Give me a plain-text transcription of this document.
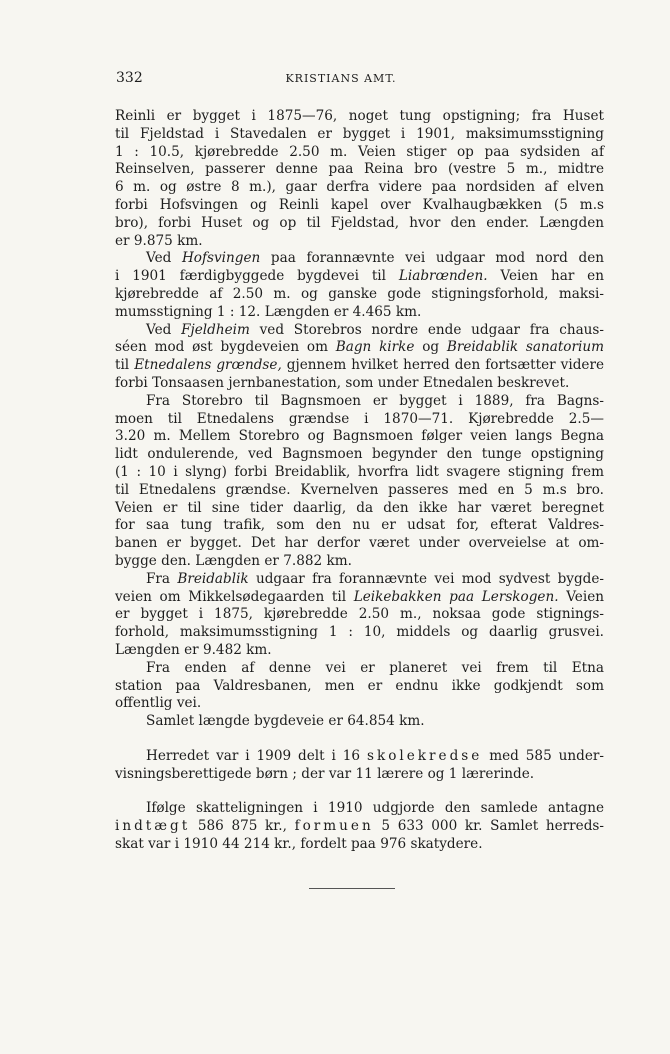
332	KRISTIANS AMT.
Reinli er bygget i 1875—76, noget tung opstigning; fra Huset
til Fjeldstad i Stavedalen er bygget i 1901, maksimumsstigning
1 : 10.5, kjørebredde 2.50 m. Veien stiger op paa sydsiden af
Reinselven, passerer denne paa Reina bro (vestre 5 m., midtre
6 m. og østre 8 m.), gaar derfra videre paa nordsiden af elven
forbi Hofsvingen og Reinli kapel over Kvalhaugbækken (5 m.s
bro), forbi Huset og op til Fjeldstad, hvor den ender. Længden
er 9.875 km.
Ved Hofsvingen paa forannævnte vei udgaar mod nord den
i 1901 færdigbyggede bygdevei til Liabrœnden. Veien har en
kjørebredde af 2.50 m. og ganske gode stigningsforhold, maksi-
mumsstigning 1 : 12. Længden er 4.465 km.
Ved Fjeldheim ved Storebros nordre ende udgaar fra chaus-
séen mod øst bygdeveien om Bagn kirke og Breidablik sanatorium
til Etnedalens grœndse, gjennem hvilket herred den fortsætter videre
forbi Tonsaasen jernbanestation, som under Etnedalen beskrevet.
Fra Storebro til Bagnsmoen er bygget i 1889, fra Bagns-
moen til Etnedalens grændse i 1870—71. Kjørebredde 2.5—
3.20 m. Mellem Storebro og Bagnsmoen følger veien langs Begna
lidt ondulerende, ved Bagnsmoen begynder den tunge opstigning
(1 : 10 i slyng) forbi Breidablik, hvorfra lidt svagere stigning frem
til Etnedalens grændse. Kvernelven passeres med en 5 m.s bro.
Veien er til sine tider daarlig, da den ikke har været beregnet
for saa tung trafik, som den nu er udsat for, efterat Valdres-
banen er bygget. Det har derfor været under overveielse at om-
bygge den. Længden er 7.882 km.
Fra Breidablik udgaar fra forannævnte vei mod sydvest bygde-
veien om Mikkelsødegaarden til Leikebakken paa Lerskogen. Veien
er bygget i 1875, kjørebredde 2.50 m., noksaa gode stignings-
forhold, maksimumsstigning 1 : 10, middels og daarlig grusvei.
Længden er 9.482 km.
Fra enden af denne vei er planeret vei frem til Etna
station paa Valdresbanen, men er endnu ikke godkjendt som
offentlig vei.
Samlet længde bygdeveie er 64.854 km.
Herredet var i 1909 delt i 16 skolekredse med 585 under-
visningsberettigede børn ; der var 11 lærere og 1 lærerinde.
Ifølge skatteligningen i 1910 udgjorde den samlede antagne
indtægt 586 875 kr., formuen 5 633 000 kr. Samlet herreds-
skat var i 1910 44 214 kr., fordelt paa 976 skatydere.
